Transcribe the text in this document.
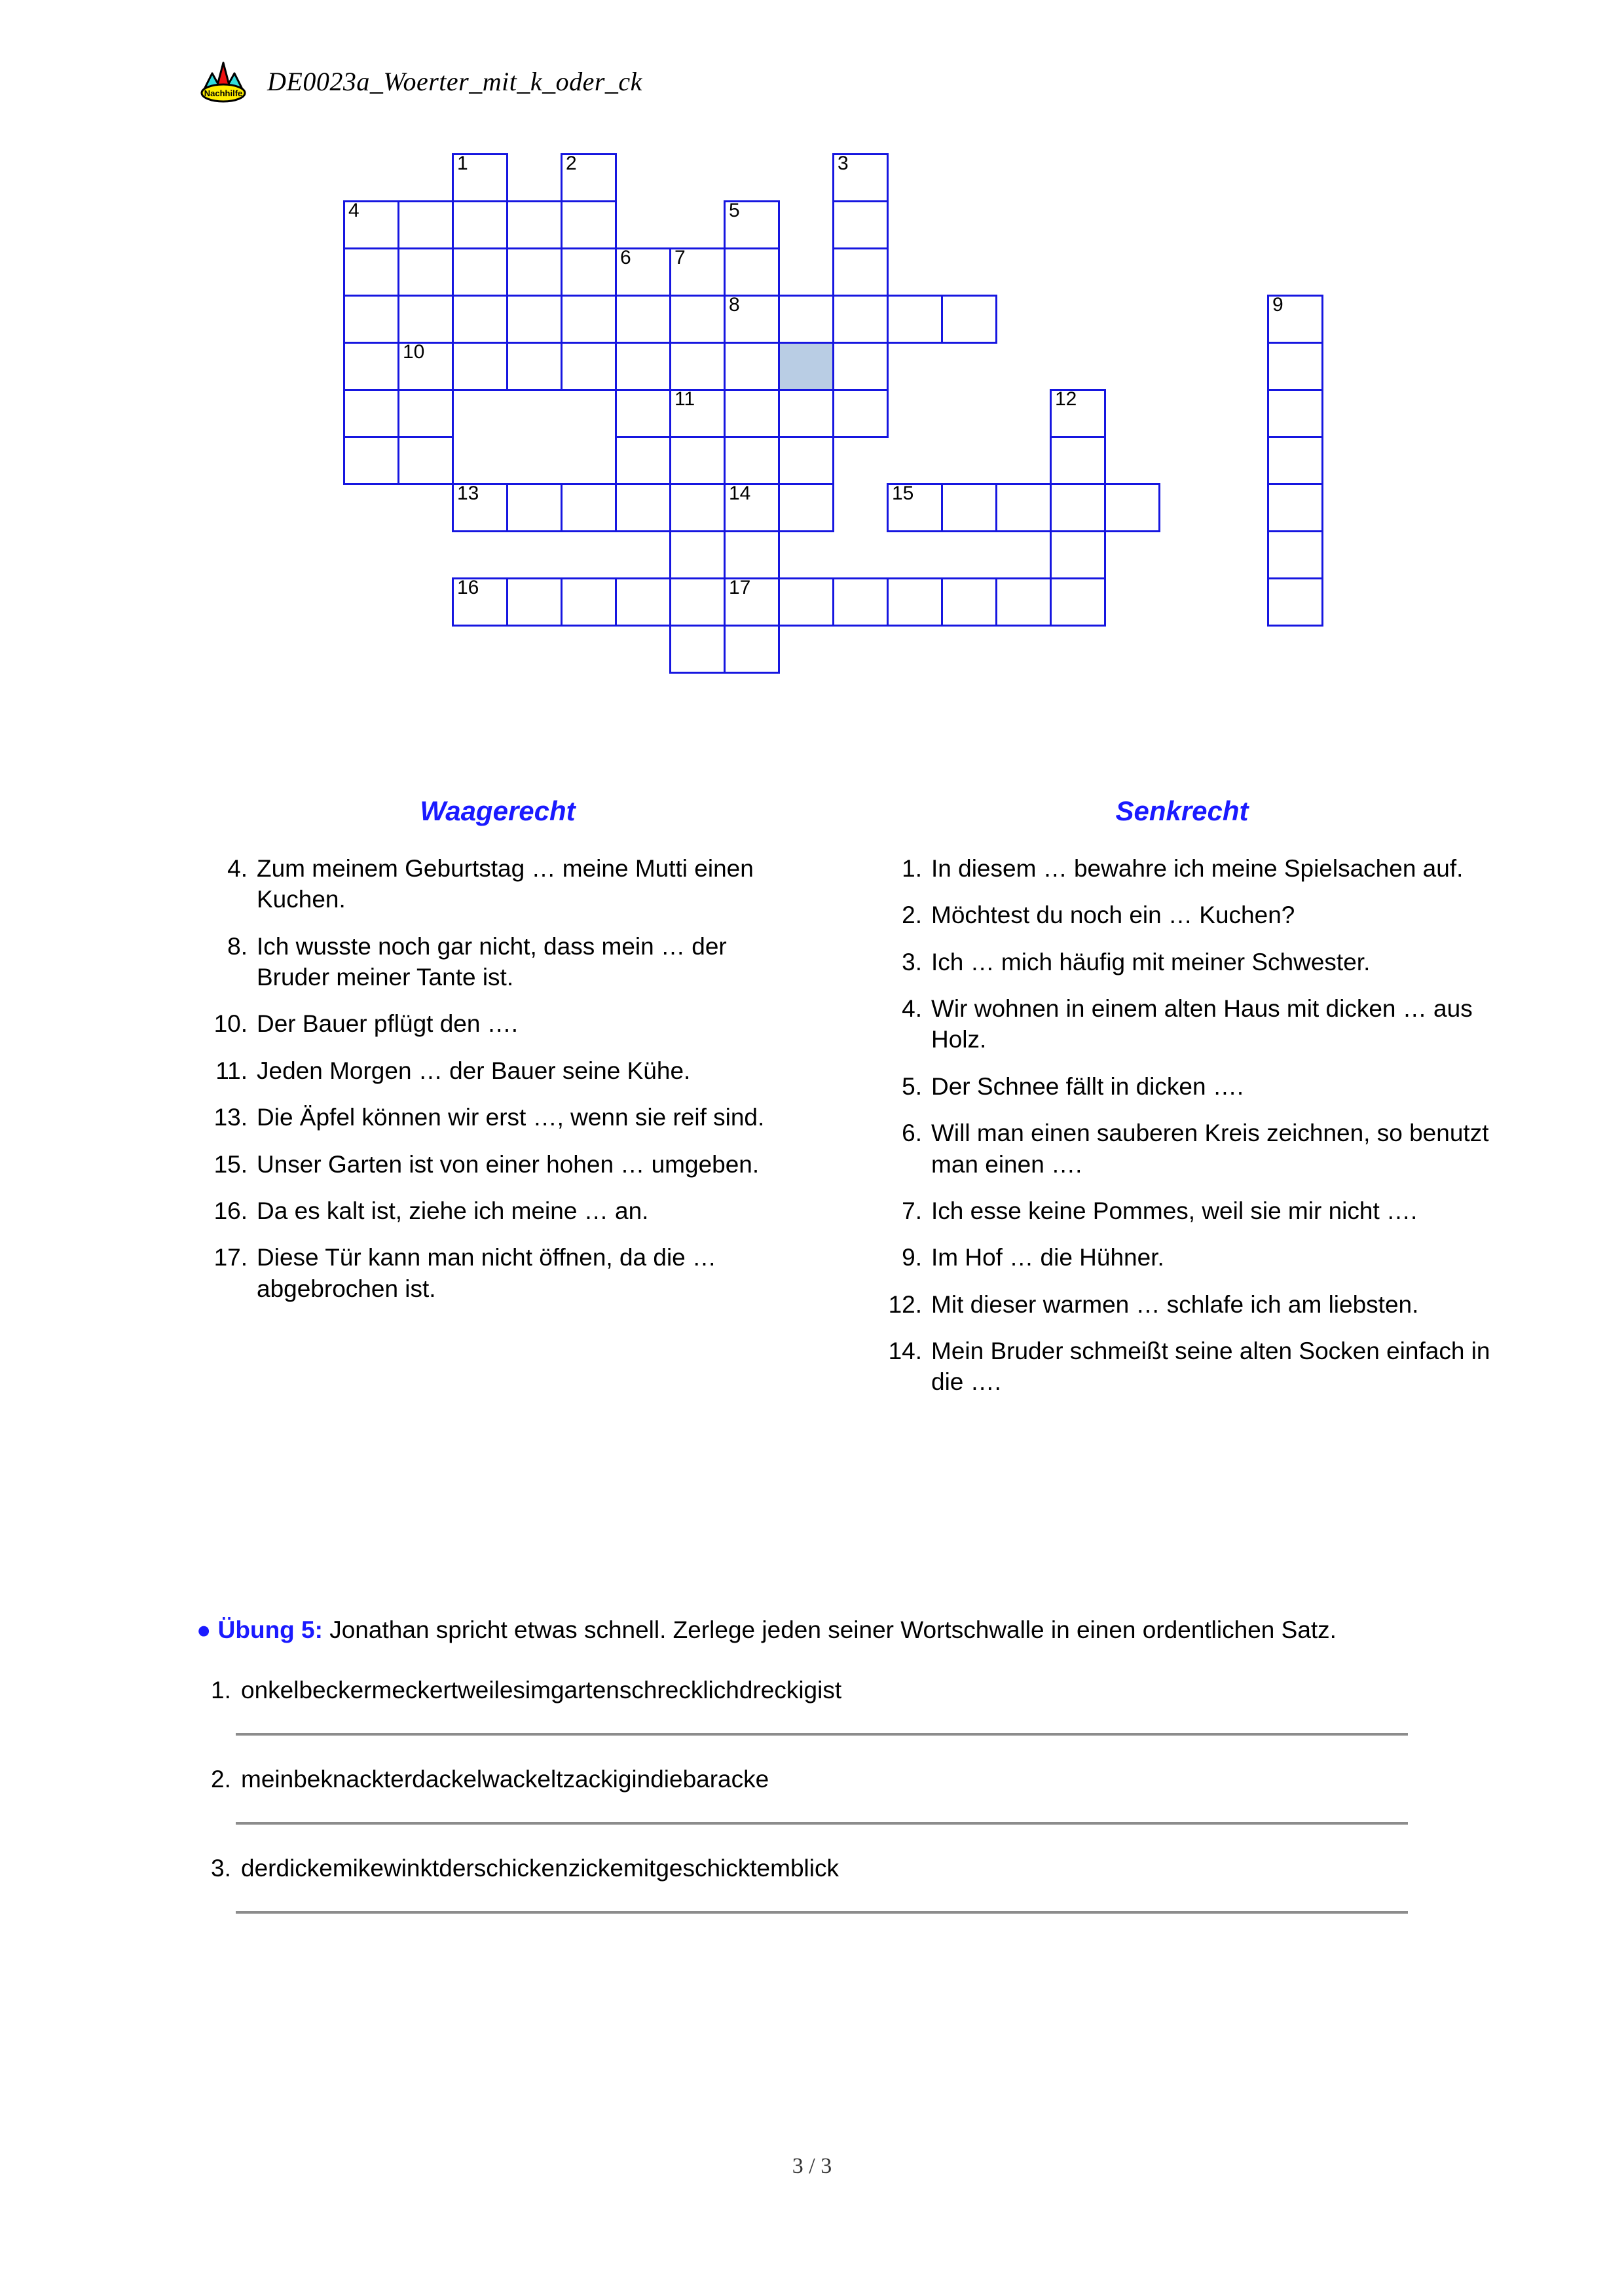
Nachhilfe DE0023a_Woerter_mit_k_oder_ck
1	2	3
4	5
6 7
8	9
10
11	12
13	14	15
16	17
Waagerecht
4. Zum meinem Geburtstag … meine Mutti einen Kuchen.
8. Ich wusste noch gar nicht, dass mein … der Bruder meiner Tante ist.
10. Der Bauer pflügt den ….
11. Jeden Morgen … der Bauer seine Kühe.
13. Die Äpfel können wir erst …, wenn sie reif sind.
15. Unser Garten ist von einer hohen … umgeben.
16. Da es kalt ist, ziehe ich meine … an.
17. Diese Tür kann man nicht öffnen, da die … abgebrochen ist.
Senkrecht
1. In diesem … bewahre ich meine Spielsachen auf.
2. Möchtest du noch ein … Kuchen?
3. Ich … mich häufig mit meiner Schwester.
4. Wir wohnen in einem alten Haus mit dicken … aus Holz.
5. Der Schnee fällt in dicken ….
6. Will man einen sauberen Kreis zeichnen, so benutzt man einen ….
7. Ich esse keine Pommes, weil sie mir nicht ….
9. Im Hof … die Hühner.
12. Mit dieser warmen … schlafe ich am liebsten.
14. Mein Bruder schmeißt seine alten Socken einfach in die ….

● Übung 5: Jonathan spricht etwas schnell. Zerlege jeden seiner Wortschwalle in einen ordentlichen Satz.

1. onkelbeckermeckertweilesimgartenschrecklichdreckigist
2. meinbeknackterdackelwackeltzackigindiebaracke
3. derdickemikewinktderschickenzickemitgeschicktemblick
3 / 3
